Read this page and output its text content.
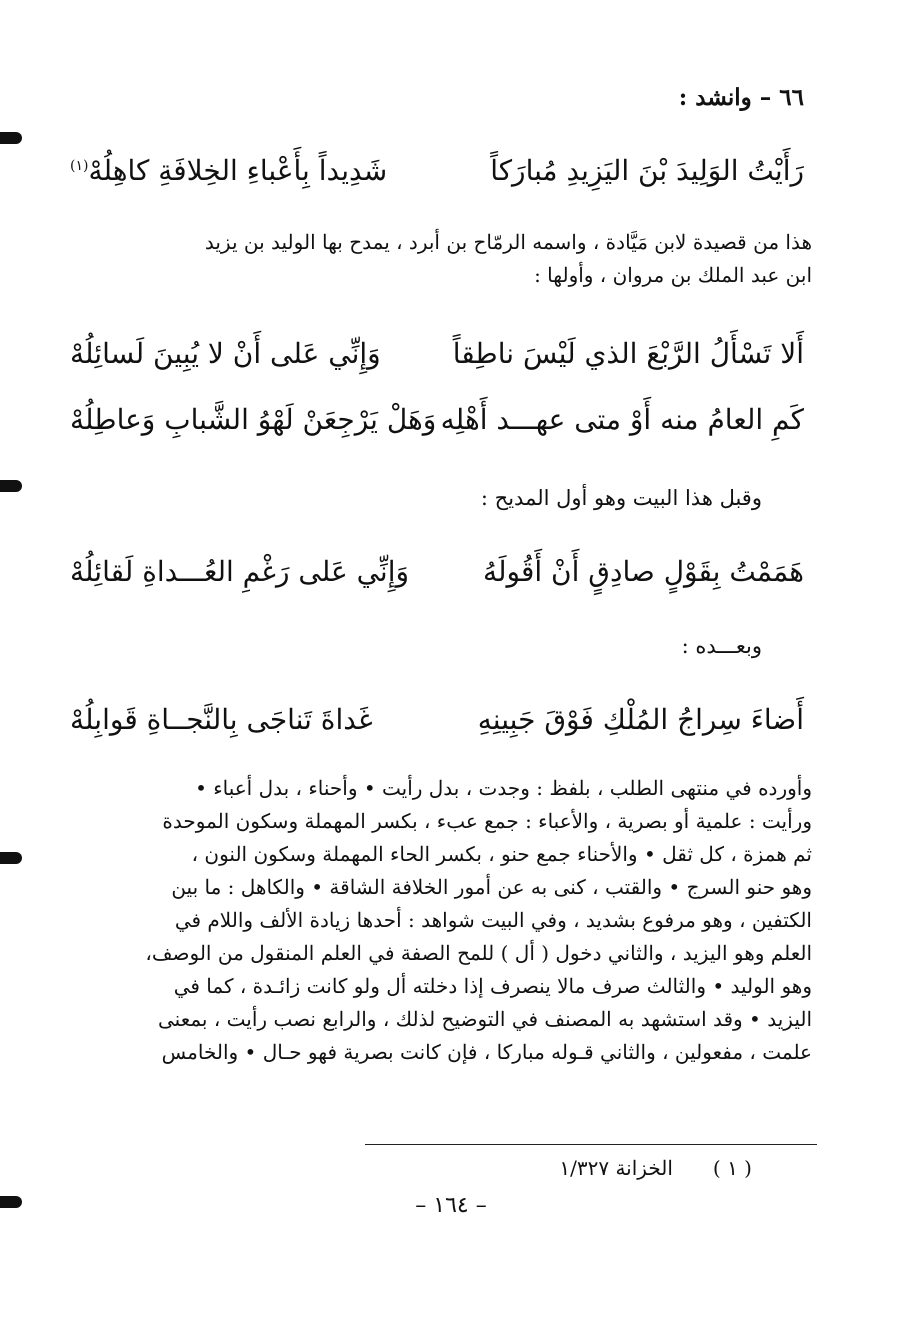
٦٦ – وانشد :
رَأَيْتُ الوَلِيدَ بْنَ اليَزِيدِ مُبارَكاً
شَدِيداً بِأَعْباءِ الخِلافَةِ كاهِلُهْ$^{(١)}$
هذا من قصيدة لابن مَيَّادة ، واسمه الرمّاح بن أبرد ، يمدح بها الوليد بن يزيد
ابن عبد الملك بن مروان ، وأولها :
أَلا تَسْأَلُ الرَّبْعَ الذي لَيْسَ ناطِقاً
وَإِنِّي عَلى أَنْ لا يُبِينَ لَسائِلُهْ
كَمِ العامُ منه أَوْ متى عهـــد أَهْلِه
وَهَلْ يَرْجِعَنْ لَهْوُ الشَّبابِ وَعاطِلُهْ
وقبل هذا البيت وهو أول المديح :
هَمَمْتُ بِقَوْلٍ صادِقٍ أَنْ أَقُولَهُ
وَإِنِّي عَلى رَغْمِ العُـــداةِ لَقائِلُهْ
وبعـــده :
أَضاءَ سِراجُ المُلْكِ فَوْقَ جَبِينِهِ
غَداةَ تَناجَى بِالنَّجــاةِ قَوابِلُهْ
وأورده في منتهى الطلب ، بلفظ : وجدت ، بدل رأيت • وأحناء ، بدل أعباء •
ورأيت : علمية أو بصرية ، والأعباء : جمع عبء ، بكسر المهملة وسكون الموحدة
ثم همزة ، كل ثقل • والأحناء جمع حنو ، بكسر الحاء المهملة وسكون النون ،
وهو حنو السرج • والقتب ، كنى به عن أمور الخلافة الشاقة • والكاهل : ما بين
الكتفين ، وهو مرفوع بشديد ، وفي البيت شواهد : أحدها زيادة الألف واللام في
العلم وهو اليزيد ، والثاني دخول ( أل ) للمح الصفة في العلم المنقول من الوصف،
وهو الوليد • والثالث صرف مالا ينصرف إذا دخلته أل ولو كانت زائـدة ، كما في
اليزيد • وقد استشهد به المصنف في التوضيح لذلك ، والرابع نصب رأيت ، بمعنى
علمت ، مفعولين ، والثاني قـوله مباركا ، فإن كانت بصرية فهو حـال • والخامس
( ١ )
الخزانة ١/٣٢٧
– ١٦٤ –
